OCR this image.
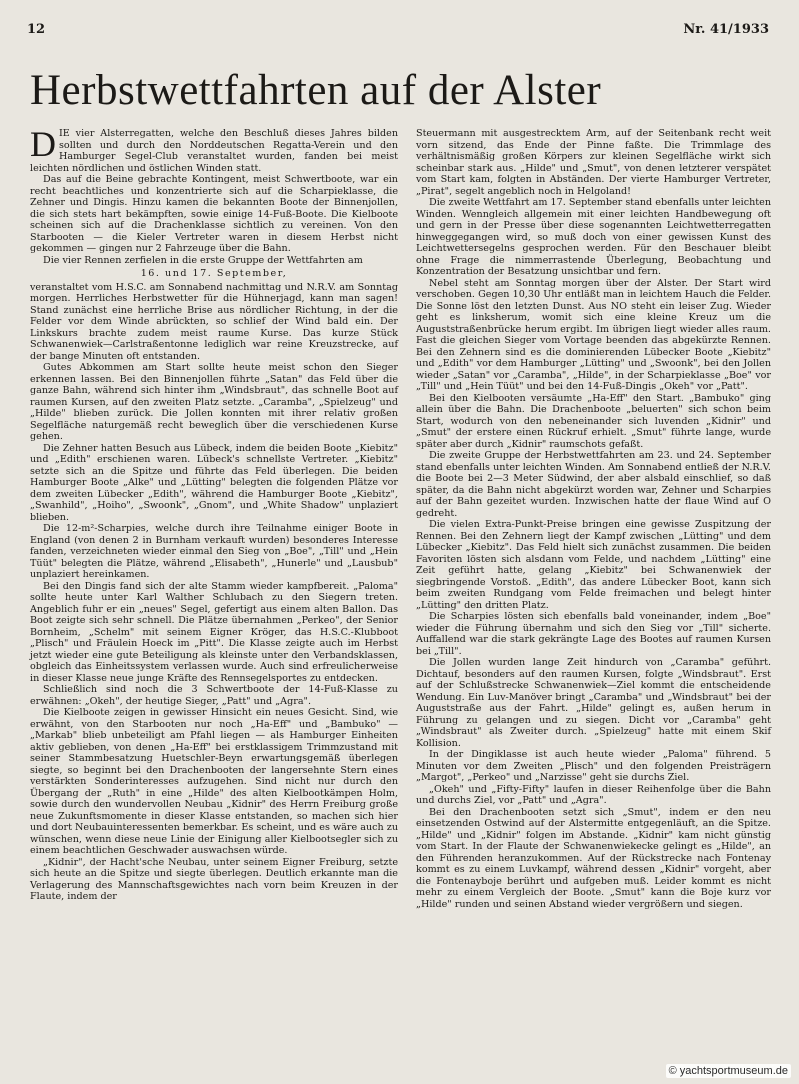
12	Nr. 41/1933
Herbstwettfahrten auf der Alster

DIE vier Alsterregatten, welche den Beschluß dieses Jahres bilden sollten und durch den Norddeutschen Regatta-Verein und den Hamburger Segel-Club veranstaltet wurden, fanden bei meist leichten nördlichen und östlichen Winden statt.

Das auf die Beine gebrachte Kontingent, meist Schwertboote, war ein recht beachtliches und konzentrierte sich auf die Scharpieklasse, die Zehner und Dingis. Hinzu kamen die bekannten Boote der Binnenjollen, die sich stets hart bekämpften, sowie einige 14-Fuß-Boote. Die Kielboote scheinen sich auf die Drachenklasse sichtlich zu vereinen. Von den Starbooten — die Kieler Vertreter waren in diesem Herbst nicht gekommen — gingen nur 2 Fahrzeuge über die Bahn.

Die vier Rennen zerfielen in die erste Gruppe der Wettfahrten am

16. und 17. September,

veranstaltet vom H.S.C. am Sonnabend nachmittag und N.R.V. am Sonntag morgen. Herrliches Herbstwetter für die Hühnerjagd, kann man sagen! Stand zunächst eine herrliche Brise aus nördlicher Richtung, in der die Felder vor dem Winde abrückten, so schlief der Wind bald ein. Der Linkskurs brachte zudem meist raume Kurse. Das kurze Stück Schwanenwiek—Carlstraßentonne lediglich war reine Kreuzstrecke, auf der bange Minuten oft entstanden.

Gutes Abkommen am Start sollte heute meist schon den Sieger erkennen lassen. Bei den Binnenjollen führte „Satan" das Feld über die ganze Bahn, während sich hinter ihm „Windsbraut", das schnelle Boot auf raumen Kursen, auf den zweiten Platz setzte. „Caramba", „Spielzeug" und „Hilde" blieben zurück. Die Jollen konnten mit ihrer relativ großen Segelfläche naturgemäß recht beweglich über die verschiedenen Kurse gehen.

Die Zehner hatten Besuch aus Lübeck, indem die beiden Boote „Kiebitz" und „Edith" erschienen waren. Lübeck's schnellste Vertreter. „Kiebitz" setzte sich an die Spitze und führte das Feld überlegen. Die beiden Hamburger Boote „Alke" und „Lütting" belegten die folgenden Plätze vor dem zweiten Lübecker „Edith", während die Hamburger Boote „Kiebitz", „Swanhild", „Hoiho", „Swoonk", „Gnom", und „White Shadow" unplaziert blieben.

Die 12-m²-Scharpies, welche durch ihre Teilnahme einiger Boote in England (von denen 2 in Burnham verkauft wurden) besonderes Interesse fanden, verzeichneten wieder einmal den Sieg von „Boe", „Till" und „Hein Tüüt" belegten die Plätze, während „Elisabeth", „Hunerle" und „Lausbub" unplaziert hereinkamen.

Bei den Dingis fand sich der alte Stamm wieder kampfbereit. „Paloma" sollte heute unter Karl Walther Schlubach zu den Siegern treten. Angeblich fuhr er ein „neues" Segel, gefertigt aus einem alten Ballon. Das Boot zeigte sich sehr schnell. Die Plätze übernahmen „Perkeo", der Senior Bornheim, „Schelm" mit seinem Eigner Kröger, das H.S.C.-Klubboot „Plisch" und Fräulein Hoeck im „Pitt". Die Klasse zeigte auch im Herbst jetzt wieder eine gute Beteiligung als kleinste unter den Verbandsklassen, obgleich das Einheitssystem verlassen wurde. Auch sind erfreulicherweise in dieser Klasse neue junge Kräfte des Rennsegelsportes zu entdecken.

Schließlich sind noch die 3 Schwertboote der 14-Fuß-Klasse zu erwähnen: „Okeh", der heutige Sieger, „Patt" und „Agra".

Die Kielboote zeigen in gewisser Hinsicht ein neues Gesicht. Sind, wie erwähnt, von den Starbooten nur noch „Ha-Eff" und „Bambuko" — „Markab" blieb unbeteiligt am Pfahl liegen — als Hamburger Einheiten aktiv geblieben, von denen „Ha-Eff" bei erstklassigem Trimmzustand mit seiner Stammbesatzung Huetschler-Beyn erwartungsgemäß überlegen siegte, so beginnt bei den Drachenbooten der langersehnte Stern eines verstärkten Sonderinteresses aufzugehen. Sind nicht nur durch den Übergang der „Ruth" in eine „Hilde" des alten Kielbootkämpen Holm, sowie durch den wundervollen Neubau „Kidnir" des Herrn Freiburg große neue Zukunftsmomente in dieser Klasse entstanden, so machen sich hier und dort Neubauinteressenten bemerkbar. Es scheint, und es wäre auch zu wünschen, wenn diese neue Linie der Einigung aller Kielbootsegler sich zu einem beachtlichen Geschwader auswachsen würde.

„Kidnir", der Hacht'sche Neubau, unter seinem Eigner Freiburg, setzte sich heute an die Spitze und siegte überlegen. Deutlich erkannte man die Verlagerung des Mannschaftsgewichtes nach vorn beim Kreuzen in der Flaute, indem der

Steuermann mit ausgestrecktem Arm, auf der Seitenbank recht weit vorn sitzend, das Ende der Pinne faßte. Die Trimmlage des verhältnismäßig großen Körpers zur kleinen Segelfläche wirkt sich scheinbar stark aus. „Hilde" und „Smut", von denen letzterer verspätet vom Start kam, folgten in Abständen. Der vierte Hamburger Vertreter, „Pirat", segelt angeblich noch in Helgoland!

Die zweite Wettfahrt am 17. September stand ebenfalls unter leichten Winden. Wenngleich allgemein mit einer leichten Handbewegung oft und gern in der Presse über diese sogenannten Leichtwetterregatten hinweggegangen wird, so muß doch von einer gewissen Kunst des Leichtwettersegelns gesprochen werden. Für den Beschauer bleibt ohne Frage die nimmerrastende Überlegung, Beobachtung und Konzentration der Besatzung unsichtbar und fern.

Nebel steht am Sonntag morgen über der Alster. Der Start wird verschoben. Gegen 10,30 Uhr entläßt man in leichtem Hauch die Felder. Die Sonne löst den letzten Dunst. Aus NO steht ein leiser Zug. Wieder geht es linksherum, womit sich eine kleine Kreuz um die Auguststraßenbrücke herum ergibt. Im übrigen liegt wieder alles raum. Fast die gleichen Sieger vom Vortage beenden das abgekürzte Rennen. Bei den Zehnern sind es die dominierenden Lübecker Boote „Kiebitz" und „Edith" vor dem Hamburger „Lütting" und „Swoonk", bei den Jollen wieder „Satan" vor „Caramba", „Hilde", in der Scharpieklasse „Boe" vor „Till" und „Hein Tüüt" und bei den 14-Fuß-Dingis „Okeh" vor „Patt".

Bei den Kielbooten versäumte „Ha-Eff" den Start. „Bambuko" ging allein über die Bahn. Die Drachenboote „beluerten" sich schon beim Start, wodurch von den nebeneinander sich luvenden „Kidnir" und „Smut" der erstere einen Rückruf erhielt. „Smut" führte lange, wurde später aber durch „Kidnir" raumschots gefaßt.

Die zweite Gruppe der Herbstwettfahrten am 23. und 24. September stand ebenfalls unter leichten Winden. Am Sonnabend entließ der N.R.V. die Boote bei 2—3 Meter Südwind, der aber alsbald einschlief, so daß später, da die Bahn nicht abgekürzt worden war, Zehner und Scharpies auf der Bahn gezeitet wurden. Inzwischen hatte der flaue Wind auf O gedreht.

Die vielen Extra-Punkt-Preise bringen eine gewisse Zuspitzung der Rennen. Bei den Zehnern liegt der Kampf zwischen „Lütting" und dem Lübecker „Kiebitz". Das Feld hielt sich zunächst zusammen. Die beiden Favoriten lösten sich alsdann vom Felde, und nachdem „Lütting" eine Zeit geführt hatte, gelang „Kiebitz" bei Schwanenwiek der siegbringende Vorstoß. „Edith", das andere Lübecker Boot, kann sich beim zweiten Rundgang vom Felde freimachen und belegt hinter „Lütting" den dritten Platz.

Die Scharpies lösten sich ebenfalls bald voneinander, indem „Boe" wieder die Führung übernahm und sich den Sieg vor „Till" sicherte. Auffallend war die stark gekrängte Lage des Bootes auf raumen Kursen bei „Till".

Die Jollen wurden lange Zeit hindurch von „Caramba" geführt. Dichtauf, besonders auf den raumen Kursen, folgte „Windsbraut". Erst auf der Schlußstrecke Schwanenwiek—Ziel kommt die entscheidende Wendung. Ein Luv-Manöver bringt „Caramba" und „Windsbraut" bei der Auguststraße aus der Fahrt. „Hilde" gelingt es, außen herum in Führung zu gelangen und zu siegen. Dicht vor „Caramba" geht „Windsbraut" als Zweiter durch. „Spielzeug" hatte mit einem Skif Kollision.

In der Dingiklasse ist auch heute wieder „Paloma" führend. 5 Minuten vor dem Zweiten „Plisch" und den folgenden Preisträgern „Margot", „Perkeo" und „Narzisse" geht sie durchs Ziel.

„Okeh" und „Fifty-Fifty" laufen in dieser Reihenfolge über die Bahn und durchs Ziel, vor „Patt" und „Agra".

Bei den Drachenbooten setzt sich „Smut", indem er den neu einsetzenden Ostwind auf der Alstermitte entgegenläuft, an die Spitze. „Hilde" und „Kidnir" folgen im Abstande. „Kidnir" kam nicht günstig vom Start. In der Flaute der Schwanenwiekecke gelingt es „Hilde", an den Führenden heranzukommen. Auf der Rückstrecke nach Fontenay kommt es zu einem Luvkampf, während dessen „Kidnir" vorgeht, aber die Fontenayboje berührt und aufgeben muß. Leider kommt es nicht mehr zu einem Vergleich der Boote. „Smut" kann die Boje kurz vor „Hilde" runden und seinen Abstand wieder vergrößern und siegen.

© yachtsportmuseum.de
